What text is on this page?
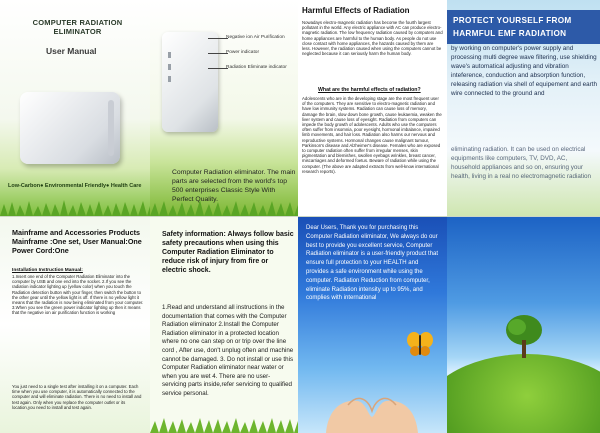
COMPUTER RADIATION ELIMINATOR
User Manual
Low-Carbon● Environmental Friendly● Health Care
Negative ion Air Purification
Power indicator
Radiation Eliminate indicator
Computer Radiation eliminator. The main parts are selected from the world's top 500 enterprises Classic Style With Perfect Quality.
Harmful Effects of Radiation
Nowadays electro-magnetic radiation has become the fourth largest pollutant in the world. Any electric appliance with AC can produce electro-magnetic radiation. The low frequency radiation caused by computers and home appliances are harmful to the human body. As people do not use close contact with home appliances, the hazards caused by them are less. However, the radiation caused when using the computers cannot be neglected because it can seriously harm the human body.
What are the harmful effects of radiation?
Adolescents who are in the developing stage are the most frequent user of the computers. They are sensitive to electro-magnetic radiation and have low immunity systems. Radiation can cause loss of memory, damage the brain, slow down bone growth, cause leukaemia, weaken the liver system and cause loss of eyesight. Radiation from computers can impede the body growth of adolescents. Adults who use the computers often suffer from insomnia, poor eyesight, hormonal imbalance, impaired limb movements, and hair loss. Radiation also harms our nervous and reproductive systems. Hormonal changes cause malignant tumour, Parkinson's disease and Alzheimer's disease. Females who are exposed to computer radiation often suffer from irregular menses, skin pigmentation and blemishes, swollen eyebags wrinkles, breast cancer, miscarriages and deformed foetus. Beware of radiation while using the computer. (The above are adapted extracts from well-know international research reports).
PROTECT YOURSELF FROM HARMFUL EMF RADIATION
by working on computer's power supply and processing multi degree wave filtering, use shielding wave's automatical adjusting and vibration inteference, conduction and absorption function, releasing radiation via shell of equipement and earth wire connected to the ground and
eliminating radiation. It can be used on electrical equipments like computers, TV, DVD, AC, household appliances and so on, ensuring your health, living in a real no electromagnetic radiation
Mainframe and Accessories Products Mainframe :One set, User Manual:One Power Cord:One
Installation Instruction Manual:
1.Insert one end of the Computer Radiation Eliminator into the computer by USB and one end into the socket. 2.If you see the radiation indicator lighting up (yellow color) when you touch the Radiation detection button with your finger, then switch the button to the other gear until the yellow light is off. If there is no yellow light it means that the radiation is now being eliminated from your computer. 3.When you see the green power indicator lighting up then it means that the negative ion air purification function is working
You just need to a single test after installing it on a computer. Each time when you use computer, it is automatically connected to the computer and will eliminate radiation. There is no need to install and test again. Only when you replace the computer outlet or its location,you need to install and test again.
Safety information: Always follow basic safety precautions when using this Computer Radiation Eliminator to reduce risk of injury from fire or electric shock.
1.Read and understand all instructions in the documentation that comes with the Computer Radiation eliminator 2.Install the Computer Radiation eliminator in a protected location where no one can step on or trip over the line cord , After use, don't unplug often and machine cannot be damaged. 3. Do not install or use this Computer Radiation eliminator near water or when you are wet 4. There are no user-servicing parts inside,refer servicing to qualified service personal.
Dear Users, Thank you for purchasing this Computer Radiation eliminator, We always do our best to provide you excellent service, Computer Radiation eliminator is a user-friendly product that ensure full protection to your HEALTH and provides a safe environment while using the computer. Radiation Reduction from computer, eliminate Radiation intensity up to 95%, and complies with international
